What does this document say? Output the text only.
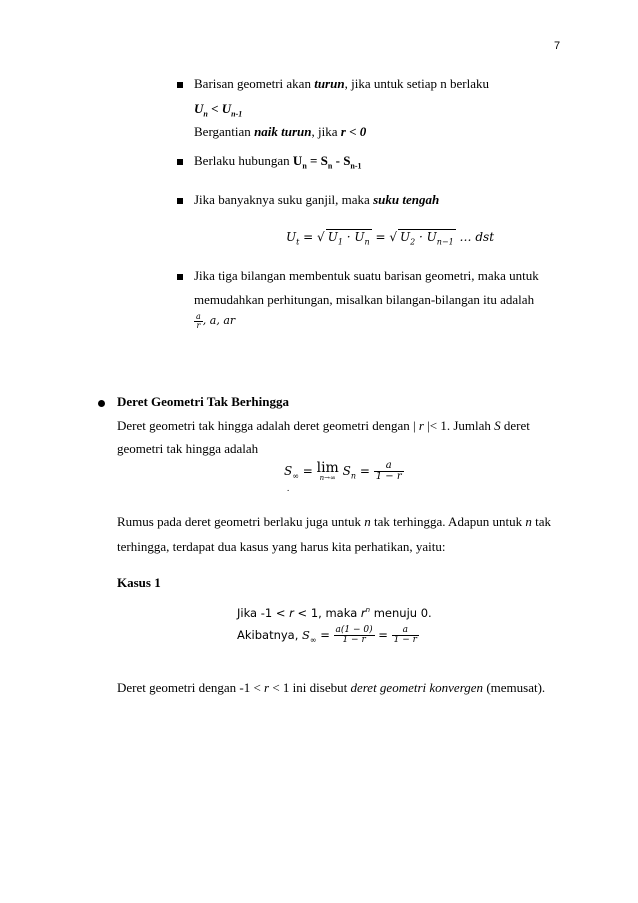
7
Barisan geometri akan turun, jika untuk setiap n berlaku
$U_n < U_{n-1}$
Bergantian naik turun, jika r < 0
Berlaku hubungan $U_n = S_n - S_{n-1}$
Jika banyaknya suku ganjil, maka suku tengah
$U_t$ = √ $U_1 \cdot U_n$ = √ $U_2 \cdot U_{n-1}$ … dst
Jika tiga bilangan membentuk suatu barisan geometri, maka untuk
memudahkan perhitungan, misalkan bilangan-bilangan itu adalah
$\frac{a}{r}$ , a, ar
Deret Geometri Tak Berhingga
Deret geometri tak hingga adalah deret geometri dengan | r |< 1. Jumlah S deret
geometri tak hingga adalah
$S_\infty = \lim$
n→∞ $S_n = \frac{a}{1 - r}$
.
Rumus pada deret geometri berlaku juga untuk n tak terhingga. Adapun untuk n tak
terhingga, terdapat dua kasus yang harus kita perhatikan, yaitu:
Kasus 1
Jika -1 < r < 1, maka $r^n$ menuju 0.
Akibatnya, $S_\infty = \frac{a(1 - 0)}{1 - r} = \frac{a}{1 - r}$
Deret geometri dengan -1 < r < 1 ini disebut deret geometri konvergen (memusat).
